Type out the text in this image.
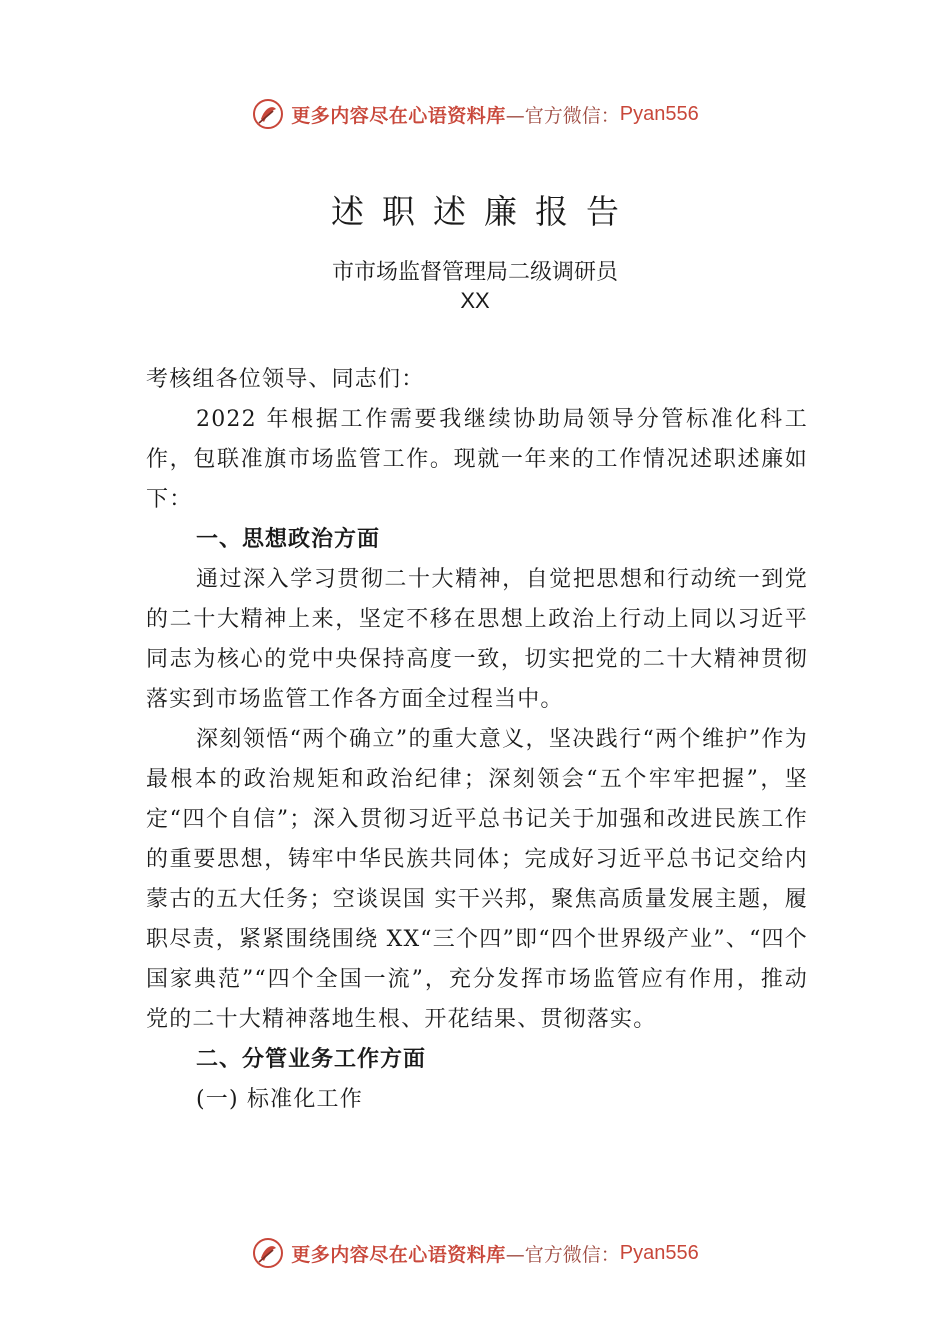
更多内容尽在心语资料库 —官方微信： Pyan556
述职述廉报告
市市场监督管理局二级调研员
XX

考核组各位领导、同志们：

2022 年根据工作需要我继续协助局领导分管标准化科工作，包联准旗市场监管工作。现就一年来的工作情况述职述廉如下：

一、思想政治方面

通过深入学习贯彻二十大精神，自觉把思想和行动统一到党的二十大精神上来，坚定不移在思想上政治上行动上同以习近平同志为核心的党中央保持高度一致，切实把党的二十大精神贯彻落实到市场监管工作各方面全过程当中。

深刻领悟“两个确立”的重大意义，坚决践行“两个维护”作为最根本的政治规矩和政治纪律；深刻领会“五个牢牢把握”，坚定“四个自信”；深入贯彻习近平总书记关于加强和改进民族工作的重要思想，铸牢中华民族共同体；完成好习近平总书记交给内蒙古的五大任务；空谈误国 实干兴邦，聚焦高质量发展主题，履职尽责，紧紧围绕围绕 XX“三个四”即“四个世界级产业”、“四个国家典范”“四个全国一流”，充分发挥市场监管应有作用，推动党的二十大精神落地生根、开花结果、贯彻落实。

二、分管业务工作方面

(一) 标准化工作

更多内容尽在心语资料库 —官方微信： Pyan556
